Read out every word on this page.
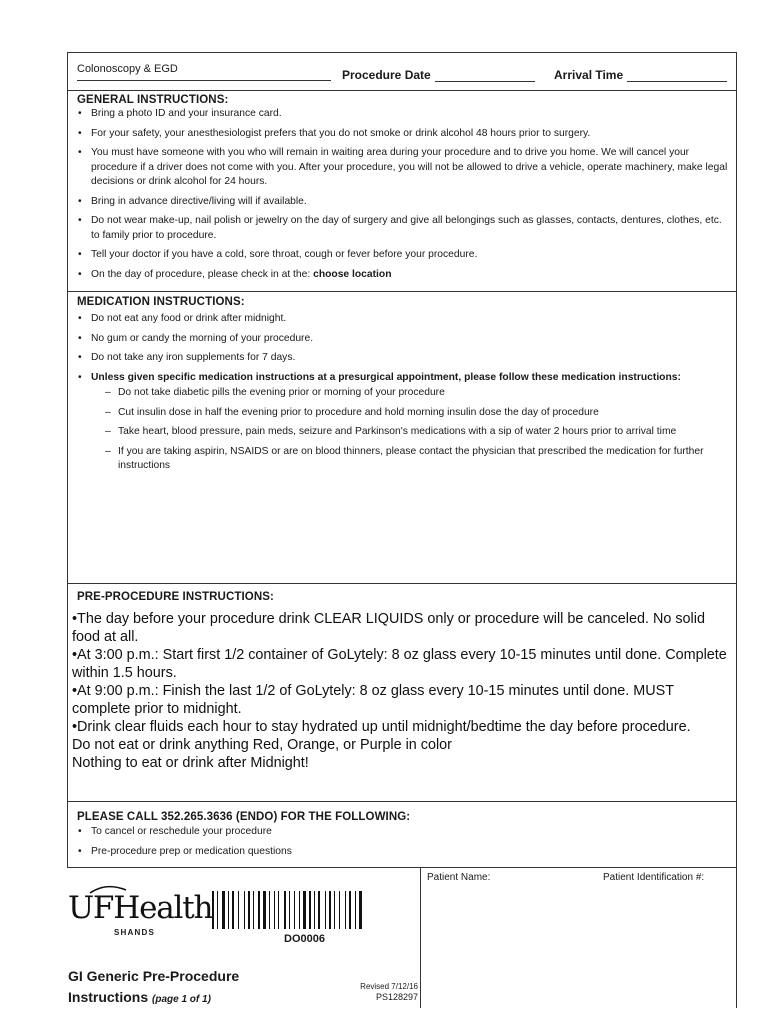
Colonoscopy & EGD	Procedure Date	Arrival Time
GENERAL INSTRUCTIONS:
• Bring a photo ID and your insurance card.
• For your safety, your anesthesiologist prefers that you do not smoke or drink alcohol 48 hours prior to surgery.
• You must have someone with you who will remain in waiting area during your procedure and to drive you home. We will cancel your procedure if a driver does not come with you. After your procedure, you will not be allowed to drive a vehicle, operate machinery, make legal decisions or drink alcohol for 24 hours.
• Bring in advance directive/living will if available.
• Do not wear make-up, nail polish or jewelry on the day of surgery and give all belongings such as glasses, contacts, dentures, clothes, etc. to family prior to procedure.
• Tell your doctor if you have a cold, sore throat, cough or fever before your procedure.
• On the day of procedure, please check in at the: choose location
MEDICATION INSTRUCTIONS:
• Do not eat any food or drink after midnight.
• No gum or candy the morning of your procedure.
• Do not take any iron supplements for 7 days.
• Unless given specific medication instructions at a presurgical appointment, please follow these medication instructions:
– Do not take diabetic pills the evening prior or morning of your procedure
– Cut insulin dose in half the evening prior to procedure and hold morning insulin dose the day of procedure
– Take heart, blood pressure, pain meds, seizure and Parkinson's medications with a sip of water 2 hours prior to arrival time
– If you are taking aspirin, NSAIDS or are on blood thinners, please contact the physician that prescribed the medication for further instructions
PRE-PROCEDURE INSTRUCTIONS:
•The day before your procedure drink CLEAR LIQUIDS only or procedure will be canceled. No solid food at all.
•At 3:00 p.m.: Start first 1/2 container of GoLytely: 8 oz glass every 10-15 minutes until done. Complete within 1.5 hours.
•At 9:00 p.m.: Finish the last 1/2 of GoLytely: 8 oz glass every 10-15 minutes until done. MUST complete prior to midnight.
•Drink clear fluids each hour to stay hydrated up until midnight/bedtime the day before procedure.
Do not eat or drink anything Red, Orange, or Purple in color
Nothing to eat or drink after Midnight!
PLEASE CALL 352.265.3636 (ENDO) FOR THE FOLLOWING:
• To cancel or reschedule your procedure
• Pre-procedure prep or medication questions
Patient Name:	Patient Identification #:
UFHealth
SHANDS
DO0006
GI Generic Pre-Procedure
Instructions (page 1 of 1)
Revised 7/12/16
PS128297
